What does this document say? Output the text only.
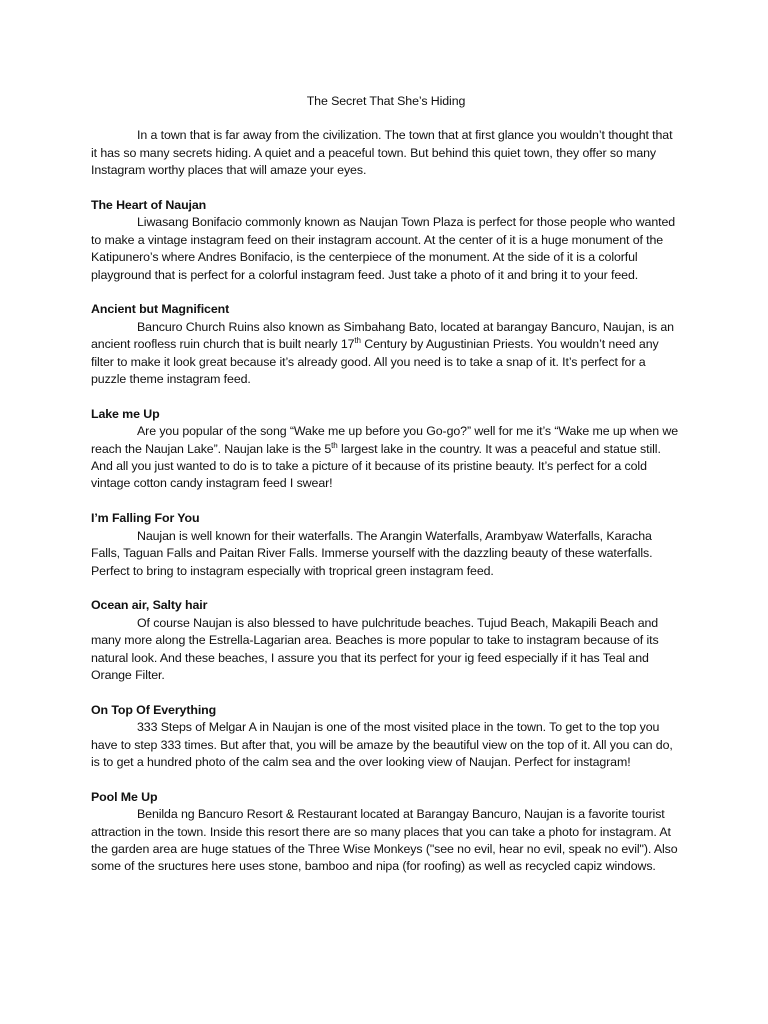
The Secret That She’s Hiding

In a town that is far away from the civilization. The town that at first glance you wouldn’t thought that it has so many secrets hiding. A quiet and a peaceful town. But behind this quiet town, they offer so many Instagram worthy places that will amaze your eyes.

The Heart of Naujan

Liwasang Bonifacio commonly known as Naujan Town Plaza is perfect for those people who wanted to make a vintage instagram feed on their instagram account. At the center of it is a huge monument of the Katipunero’s where Andres Bonifacio, is the centerpiece of the monument. At the side of it is a colorful playground that is perfect for a colorful instagram feed. Just take a photo of it and bring it to your feed.

Ancient but Magnificent

Bancuro Church Ruins also known as Simbahang Bato, located at barangay Bancuro, Naujan, is an ancient roofless ruin church that is built nearly 17th Century by Augustinian Priests. You wouldn’t need any filter to make it look great because it’s already good. All you need is to take a snap of it. It’s perfect for a puzzle theme instagram feed.

Lake me Up

Are you popular of the song “Wake me up before you Go-go?” well for me it’s “Wake me up when we reach the Naujan Lake”. Naujan lake is the 5th largest lake in the country. It was a peaceful and statue still. And all you just wanted to do is to take a picture of it because of its pristine beauty. It’s perfect for a cold vintage cotton candy instagram feed I swear!

I’m Falling For You

Naujan is well known for their waterfalls. The Arangin Waterfalls, Arambyaw Waterfalls, Karacha Falls, Taguan Falls and Paitan River Falls. Immerse yourself with the dazzling beauty of these waterfalls. Perfect to bring to instagram especially with troprical green instagram feed.

Ocean air, Salty hair

Of course Naujan is also blessed to have pulchritude beaches. Tujud Beach, Makapili Beach and many more along the Estrella-Lagarian area. Beaches is more popular to take to instagram because of its natural look. And these beaches, I assure you that its perfect for your ig feed especially if it has Teal and Orange Filter.

On Top Of Everything

333 Steps of Melgar A in Naujan is one of the most visited place in the town. To get to the top you have to step 333 times. But after that, you will be amaze by the beautiful view on the top of it. All you can do, is to get a hundred photo of the calm sea and the over looking view of Naujan. Perfect for instagram!

Pool Me Up

Benilda ng Bancuro Resort & Restaurant located at Barangay Bancuro, Naujan is a favorite tourist attraction in the town. Inside this resort there are so many places that you can take a photo for instagram. At the garden area are huge statues of the Three Wise Monkeys ("see no evil, hear no evil, speak no evil"). Also some of the sructures here uses stone, bamboo and nipa (for roofing) as well as recycled capiz windows.
